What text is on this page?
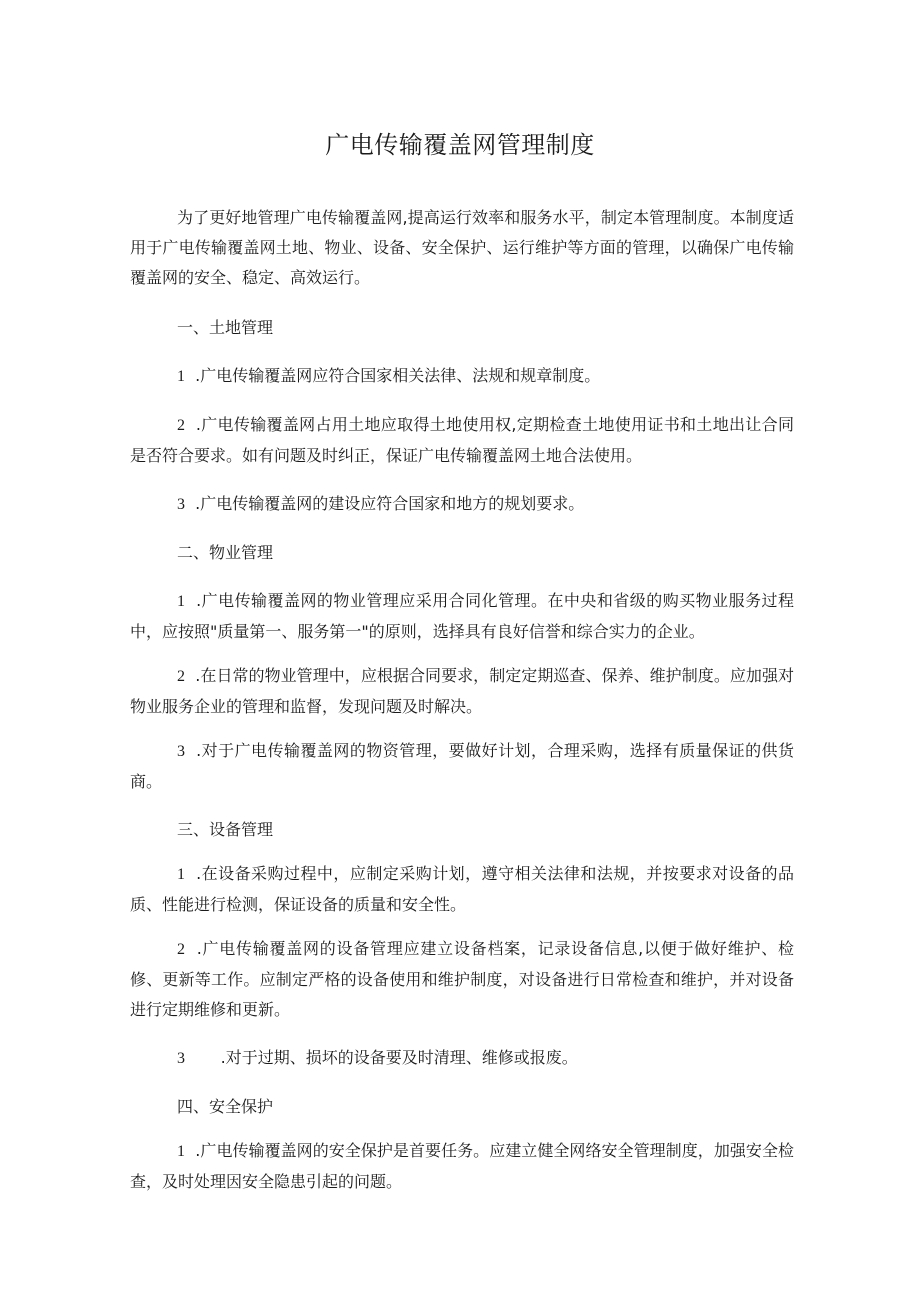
广电传输覆盖网管理制度

为了更好地管理广电传输覆盖网,提高运行效率和服务水平，制定本管理制度。本制度适用于广电传输覆盖网土地、物业、设备、安全保护、运行维护等方面的管理，以确保广电传输覆盖网的安全、稳定、高效运行。

一、土地管理

1 .广电传输覆盖网应符合国家相关法律、法规和规章制度。

2 .广电传输覆盖网占用土地应取得土地使用权,定期检查土地使用证书和土地出让合同是否符合要求。如有问题及时纠正，保证广电传输覆盖网土地合法使用。

3 .广电传输覆盖网的建设应符合国家和地方的规划要求。

二、物业管理

1 .广电传输覆盖网的物业管理应采用合同化管理。在中央和省级的购买物业服务过程中，应按照"质量第一、服务第一"的原则，选择具有良好信誉和综合实力的企业。

2 .在日常的物业管理中，应根据合同要求，制定定期巡查、保养、维护制度。应加强对物业服务企业的管理和监督，发现问题及时解决。

3 .对于广电传输覆盖网的物资管理，要做好计划，合理采购，选择有质量保证的供货商。

三、设备管理

1 .在设备采购过程中，应制定采购计划，遵守相关法律和法规，并按要求对设备的品质、性能进行检测，保证设备的质量和安全性。

2 .广电传输覆盖网的设备管理应建立设备档案，记录设备信息,以便于做好维护、检修、更新等工作。应制定严格的设备使用和维护制度，对设备进行日常检查和维护，并对设备进行定期维修和更新。

3 .对于过期、损坏的设备要及时清理、维修或报废。

四、安全保护

1 .广电传输覆盖网的安全保护是首要任务。应建立健全网络安全管理制度，加强安全检查，及时处理因安全隐患引起的问题。
